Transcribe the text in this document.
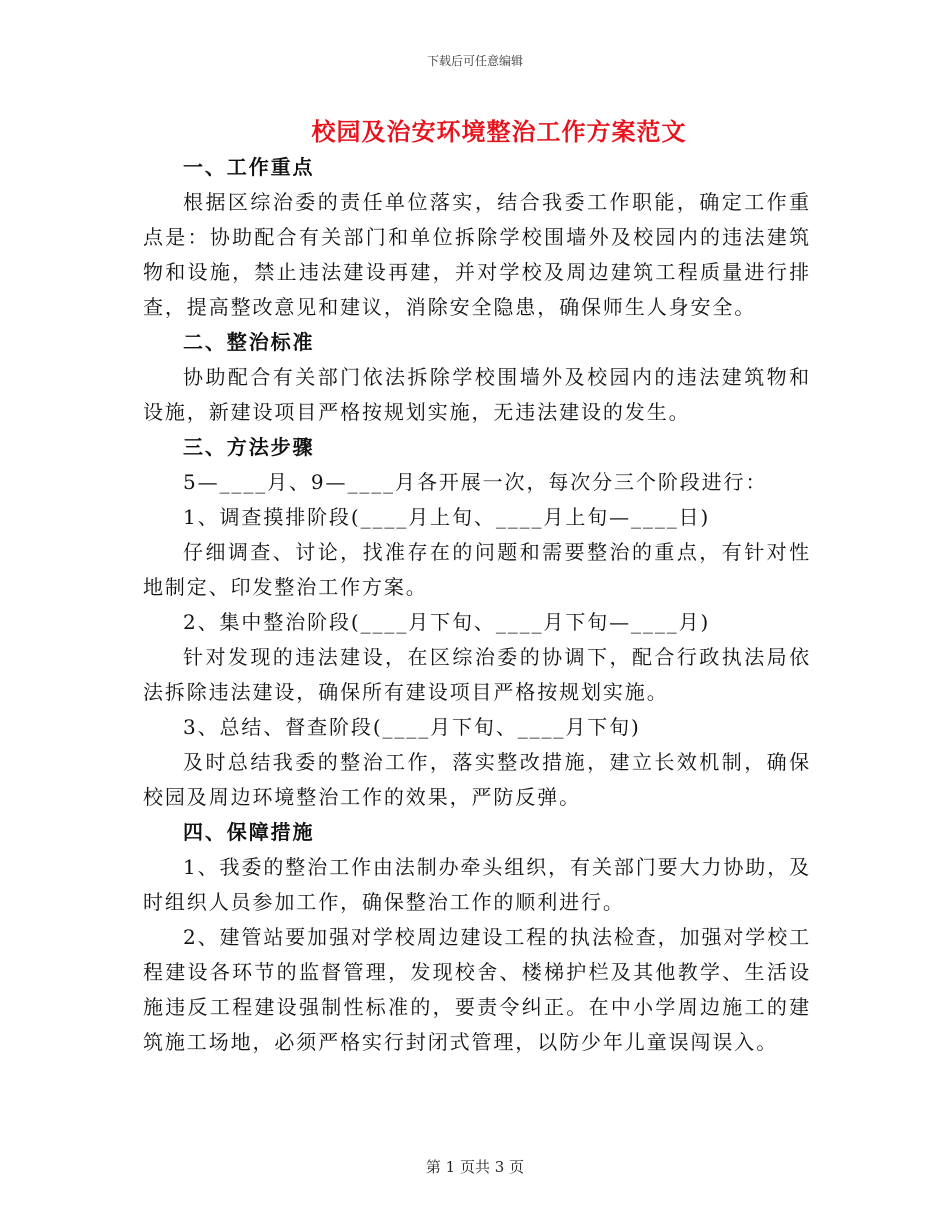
下载后可任意编辑
校园及治安环境整治工作方案范文
一、工作重点

根据区综治委的责任单位落实，结合我委工作职能，确定工作重点是：协助配合有关部门和单位拆除学校围墙外及校园内的违法建筑物和设施，禁止违法建设再建，并对学校及周边建筑工程质量进行排查，提高整改意见和建议，消除安全隐患，确保师生人身安全。

二、整治标准

协助配合有关部门依法拆除学校围墙外及校园内的违法建筑物和设施，新建设项目严格按规划实施，无违法建设的发生。

三、方法步骤

5—____月、9—____月各开展一次，每次分三个阶段进行：

1、调查摸排阶段(____月上旬、____月上旬—____日)

仔细调查、讨论，找准存在的问题和需要整治的重点，有针对性地制定、印发整治工作方案。

2、集中整治阶段(____月下旬、____月下旬—____月)

针对发现的违法建设，在区综治委的协调下，配合行政执法局依法拆除违法建设，确保所有建设项目严格按规划实施。

3、总结、督查阶段(____月下旬、____月下旬)

及时总结我委的整治工作，落实整改措施，建立长效机制，确保校园及周边环境整治工作的效果，严防反弹。

四、保障措施

1、我委的整治工作由法制办牵头组织，有关部门要大力协助，及时组织人员参加工作，确保整治工作的顺利进行。

2、建管站要加强对学校周边建设工程的执法检查，加强对学校工程建设各环节的监督管理，发现校舍、楼梯护栏及其他教学、生活设施违反工程建设强制性标准的，要责令纠正。在中小学周边施工的建筑施工场地，必须严格实行封闭式管理，以防少年儿童误闯误入。

第 1 页共 3 页
